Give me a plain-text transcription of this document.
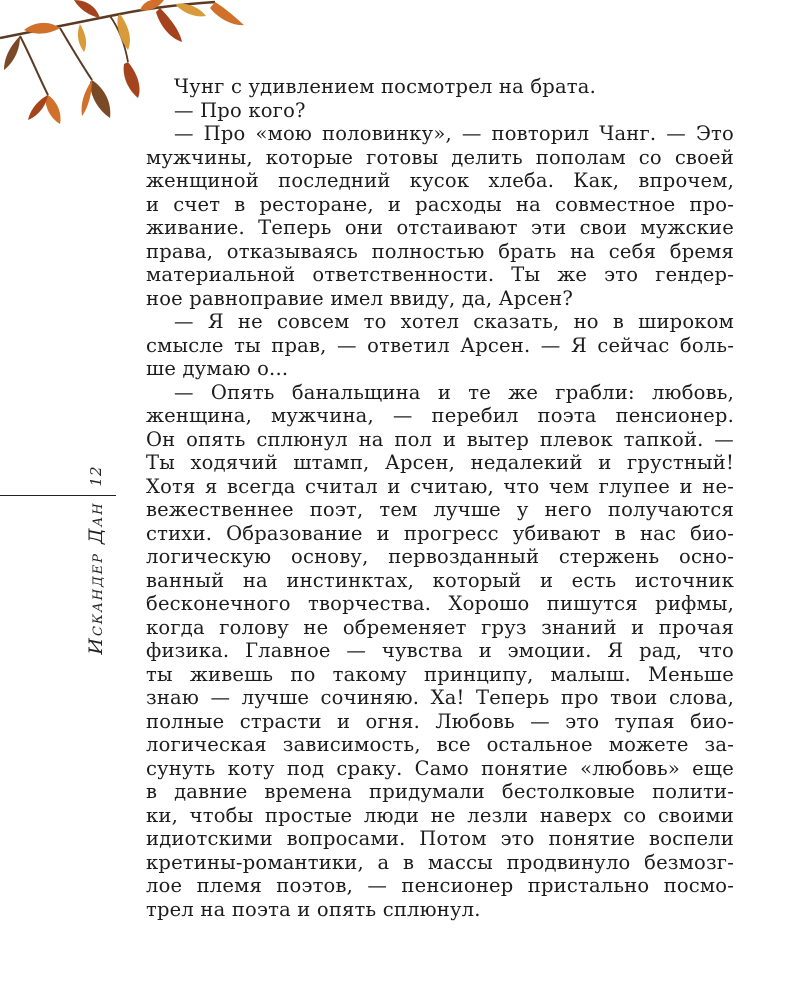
12
Искандер Дан
Чунг с удивлением посмотрел на брата.
— Про кого?
— Про «мою половинку», — повторил Чанг. — Это
мужчины, которые готовы делить пополам со своей
женщиной последний кусок хлеба. Как, впрочем,
и счет в ресторане, и расходы на совместное про-
живание. Теперь они отстаивают эти свои мужские
права, отказываясь полностью брать на себя бремя
материальной ответственности. Ты же это гендер-
ное равноправие имел ввиду, да, Арсен?
— Я не совсем то хотел сказать, но в широком
смысле ты прав, — ответил Арсен. — Я сейчас боль-
ше думаю о...
— Опять банальщина и те же грабли: любовь,
женщина, мужчина, — перебил поэта пенсионер.
Он опять сплюнул на пол и вытер плевок тапкой. —
Ты ходячий штамп, Арсен, недалекий и грустный!
Хотя я всегда считал и считаю, что чем глупее и не-
вежественнее поэт, тем лучше у него получаются
стихи. Образование и прогресс убивают в нас био-
логическую основу, первозданный стержень осно-
ванный на инстинктах, который и есть источник
бесконечного творчества. Хорошо пишутся рифмы,
когда голову не обременяет груз знаний и прочая
физика. Главное — чувства и эмоции. Я рад, что
ты живешь по такому принципу, малыш. Меньше
знаю — лучше сочиняю. Ха! Теперь про твои слова,
полные страсти и огня. Любовь — это тупая био-
логическая зависимость, все остальное можете за-
сунуть коту под сраку. Само понятие «любовь» еще
в давние времена придумали бестолковые полити-
ки, чтобы простые люди не лезли наверх со своими
идиотскими вопросами. Потом это понятие воспели
кретины-романтики, а в массы продвинуло безмозг-
лое племя поэтов, — пенсионер пристально посмо-
трел на поэта и опять сплюнул.
